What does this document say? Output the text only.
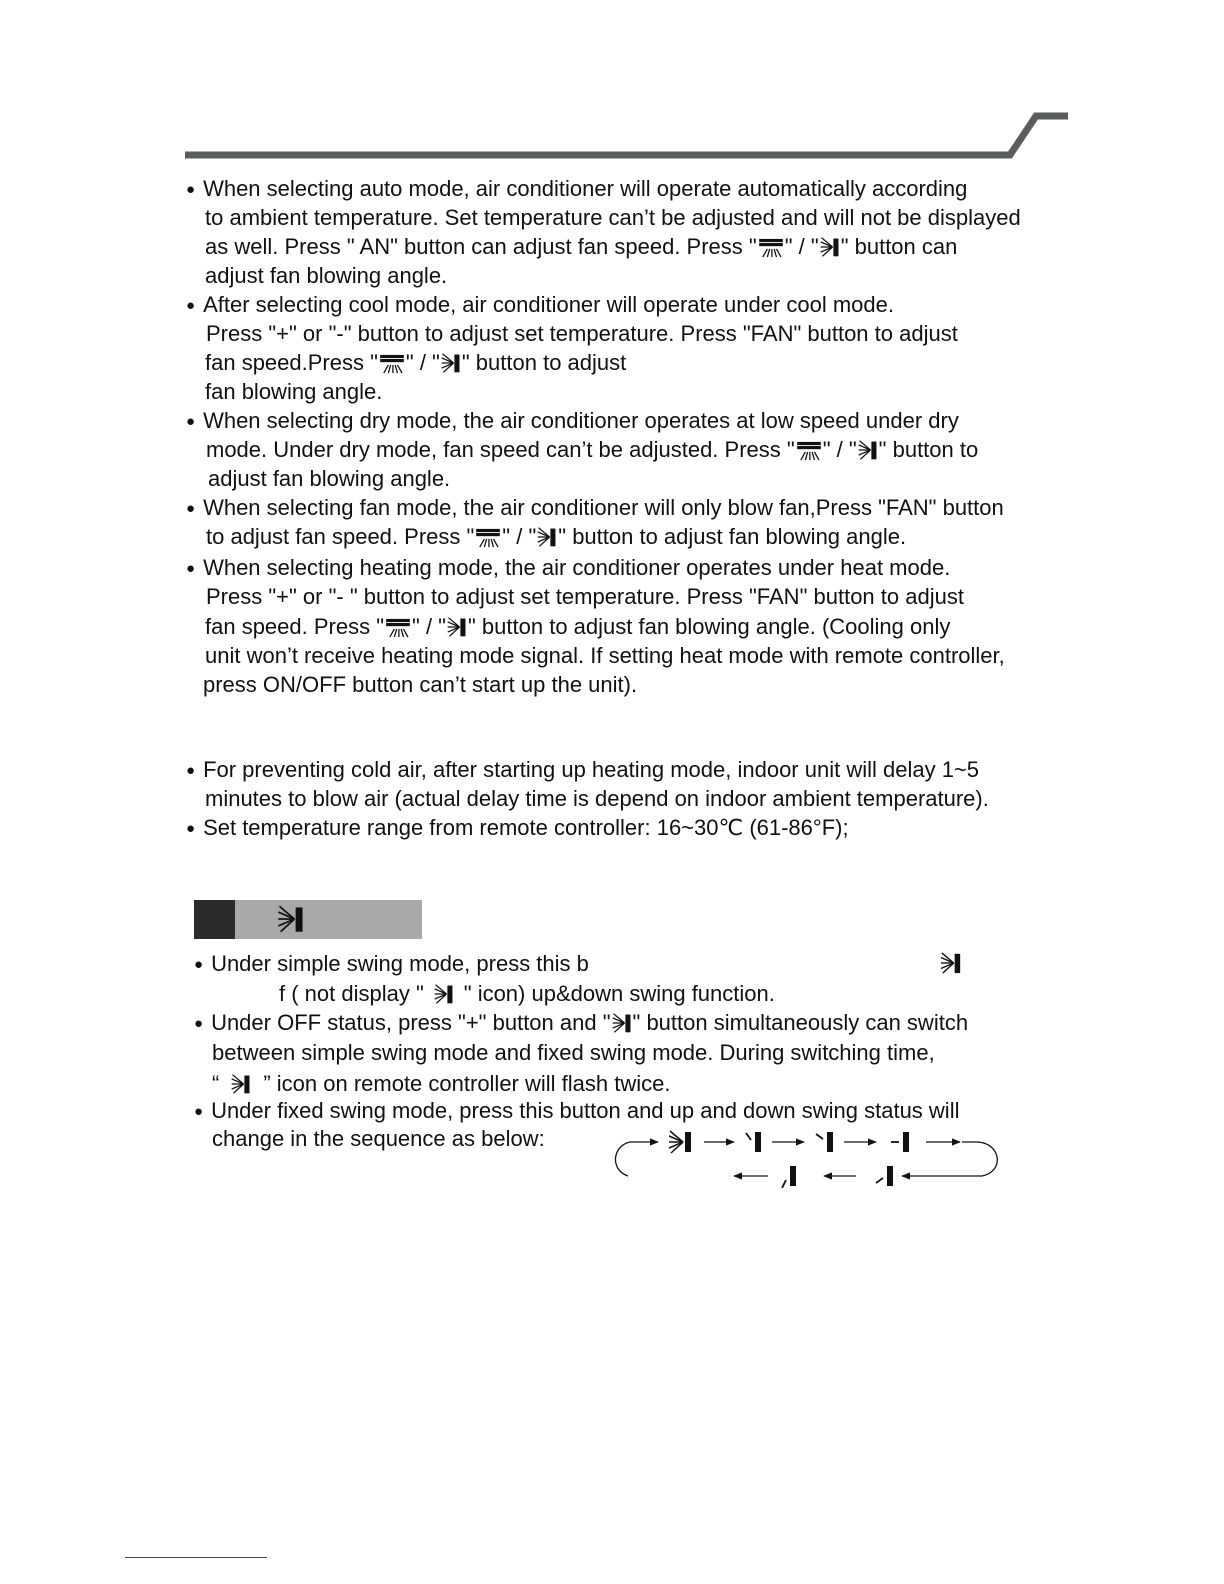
● When selecting auto mode, air conditioner will operate automatically according
to ambient temperature. Set temperature can’t be adjusted and will not be displayed
as well. Press " AN" button can adjust fan speed. Press " " / " " button can
adjust fan blowing angle.
● After selecting cool mode, air conditioner will operate under cool mode.
Press "+" or "-" button to adjust set temperature. Press "FAN" button to adjust
fan speed.Press " " / " " button to adjust
fan blowing angle.
● When selecting dry mode, the air conditioner operates at low speed under dry
mode. Under dry mode, fan speed can’t be adjusted. Press " " / " " button to
adjust fan blowing angle.
● When selecting fan mode, the air conditioner will only blow fan,Press "FAN" button
to adjust fan speed. Press " " / " " button to adjust fan blowing angle.
● When selecting heating mode, the air conditioner operates under heat mode.
Press "+" or "- " button to adjust set temperature. Press "FAN" button to adjust
fan speed. Press " " / " " button to adjust fan blowing angle. (Cooling only
unit won’t receive heating mode signal. If setting heat mode with remote controller,
press ON/OFF button can’t start up the unit).
● For preventing cold air, after starting up heating mode, indoor unit will delay 1~5
minutes to blow air (actual delay time is depend on indoor ambient temperature).
● Set temperature range from remote controller: 16~30℃ (61-86°F);
● Under simple swing mode, press this b
f ( not display " " icon) up&down swing function.
● Under OFF status, press "+" button and " " button simultaneously can switch
between simple swing mode and fixed swing mode. During switching time,
“ ” icon on remote controller will flash twice.
● Under fixed swing mode, press this button and up and down swing status will
change in the sequence as below:
